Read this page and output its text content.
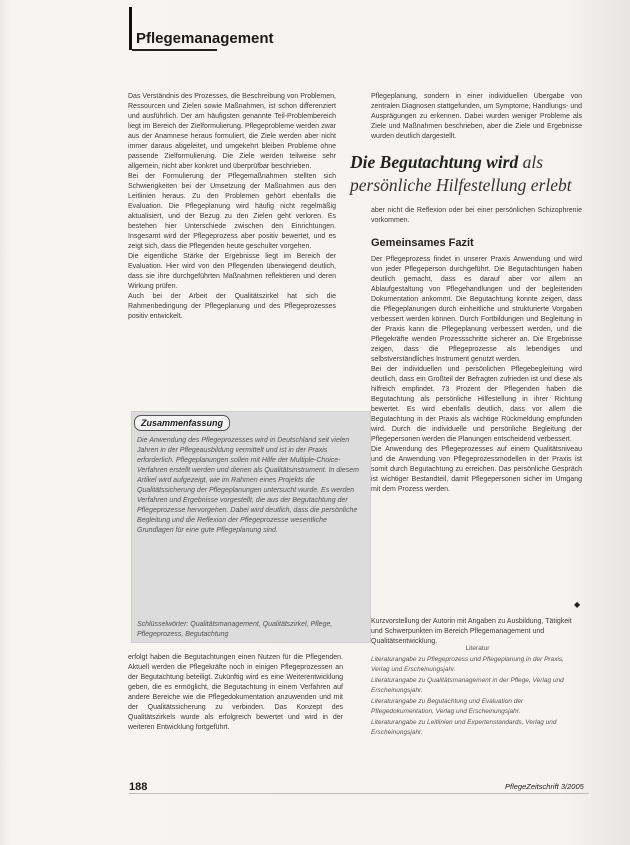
Pflegemanagement

Das Verständnis des Prozesses, die Beschreibung von Problemen, Ressourcen und Zielen sowie Maßnahmen, ist schon differenziert und ausführlich. Der am häufigsten genannte Teil-Problembereich liegt im Bereich der Zielformulierung. Pflegeprobleme werden zwar aus der Anamnese heraus formuliert, die Ziele werden aber nicht immer daraus abgeleitet, und umgekehrt bleiben Probleme ohne passende Zielformulierung. Die Ziele werden teilweise sehr allgemein, nicht aber konkret und überprüfbar beschrieben.

Bei der Formulierung der Pflegemaßnahmen stellten sich Schwierigkeiten bei der Umsetzung der Maßnahmen aus den Leitlinien heraus. Zu den Problemen gehört ebenfalls die Evaluation. Die Pflegeplanung wird häufig nicht regelmäßig aktualisiert, und der Bezug zu den Zielen geht verloren. Es bestehen hier Unterschiede zwischen den Einrichtungen. Insgesamt wird der Pflegeprozess aber positiv bewertet, und es zeigt sich, dass die Pflegenden heute geschulter vorgehen.

Die eigentliche Stärke der Ergebnisse liegt im Bereich der Evaluation. Hier wird von den Pflegenden überwiegend deutlich, dass sie ihre durchgeführten Maßnahmen reflektieren und deren Wirkung prüfen.

Auch bei der Arbeit der Qualitätszirkel hat sich die Rahmenbedingung der Pflegeplanung und des Pflegeprozesses positiv entwickelt.

Pflegeplanung, sondern in einer individuellen Übergabe von zentralen Diagnosen stattgefunden, um Symptome, Handlungs- und Ausprägungen zu erkennen. Dabei wurden weniger Probleme als Ziele und Maßnahmen beschrieben, aber die Ziele und Ergebnisse wurden deutlich dargestellt.

Die Begutachtung wird als persönliche Hilfestellung erlebt

aber nicht die Reflexion oder bei einer persönlichen Schizophrenie vorkommen.

Gemeinsames Fazit

Der Pflegeprozess findet in unserer Praxis Anwendung und wird von jeder Pflegeperson durchgeführt. Die Begutachtungen haben deutlich gemacht, dass es darauf aber vor allem an Ablaufgestaltung von Pflegehandlungen und der begleitenden Dokumentation ankommt. Die Begutachtung konnte zeigen, dass die Pflegeplanungen durch einheitliche und strukturierte Vorgaben verbessert werden können. Durch Fortbildungen und Begleitung in der Praxis kann die Pflegeplanung verbessert werden, und die Pflegekräfte wenden Prozessschritte sicherer an. Die Ergebnisse zeigen, dass die Pflegeprozesse als lebendiges und selbstverständliches Instrument genutzt werden.

Bei der individuellen und persönlichen Pflegebegleitung wird deutlich, dass ein Großteil der Befragten zufrieden ist und diese als hilfreich empfindet. 73 Prozent der Pflegenden haben die Begutachtung als persönliche Hilfestellung in ihrer Richtung bewertet. Es wird ebenfalls deutlich, dass vor allem die Begutachtung in der Praxis als wichtige Rückmeldung empfunden wird. Durch die individuelle und persönliche Begleitung der Pflegepersonen werden die Planungen entscheidend verbessert.

Die Anwendung des Pflegeprozesses auf einem Qualitätsniveau und die Anwendung von Pflegeprozessmodellen in der Praxis ist somit durch Begutachtung zu erreichen. Das persönliche Gespräch ist wichtiger Bestandteil, damit Pflegepersonen sicher im Umgang mit dem Prozess werden.

◆
Zusammenfassung

Die Anwendung des Pflegeprozesses wird in Deutschland seit vielen Jahren in der Pflegeausbildung vermittelt und ist in der Praxis erforderlich. Pflegeplanungen sollen mit Hilfe der Multiple-Choice-Verfahren erstellt werden und dienen als Qualitätsinstrument. In diesem Artikel wird aufgezeigt, wie im Rahmen eines Projekts die Qualitätssicherung der Pflegeplanungen untersucht wurde. Es werden Verfahren und Ergebnisse vorgestellt, die aus der Begutachtung der Pflegeprozesse hervorgehen. Dabei wird deutlich, dass die persönliche Begleitung und die Reflexion der Pflegeprozesse wesentliche Grundlagen für eine gute Pflegeplanung sind.

Schlüsselwörter: Qualitätsmanagement, Qualitätszirkel, Pflege, Pflegeprozess, Begutachtung

erfolgt haben die Begutachtungen einen Nutzen für die Pflegenden. Aktuell werden die Pflegekräfte noch in einigen Pflegeprozessen an der Begutachtung beteiligt. Zukünftig wird es eine Weiterentwicklung geben, die es ermöglicht, die Begutachtung in einem Verfahren auf andere Bereiche wie die Pflegedokumentation anzuwenden und mit der Qualitätssicherung zu verbinden. Das Konzept des Qualitätszirkels wurde als erfolgreich bewertet und wird in der weiteren Entwicklung fortgeführt.

Kurzvorstellung der Autorin mit Angaben zu Ausbildung, Tätigkeit und Schwerpunkten im Bereich Pflegemanagement und Qualitätsentwicklung.

Literatur

Literaturangabe zu Pflegeprozess und Pflegeplanung in der Praxis, Verlag und Erscheinungsjahr.

Literaturangabe zu Qualitätsmanagement in der Pflege, Verlag und Erscheinungsjahr.

Literaturangabe zu Begutachtung und Evaluation der Pflegedokumentation, Verlag und Erscheinungsjahr.

Literaturangabe zu Leitlinien und Expertenstandards, Verlag und Erscheinungsjahr.

188	PflegeZeitschrift 3/2005
